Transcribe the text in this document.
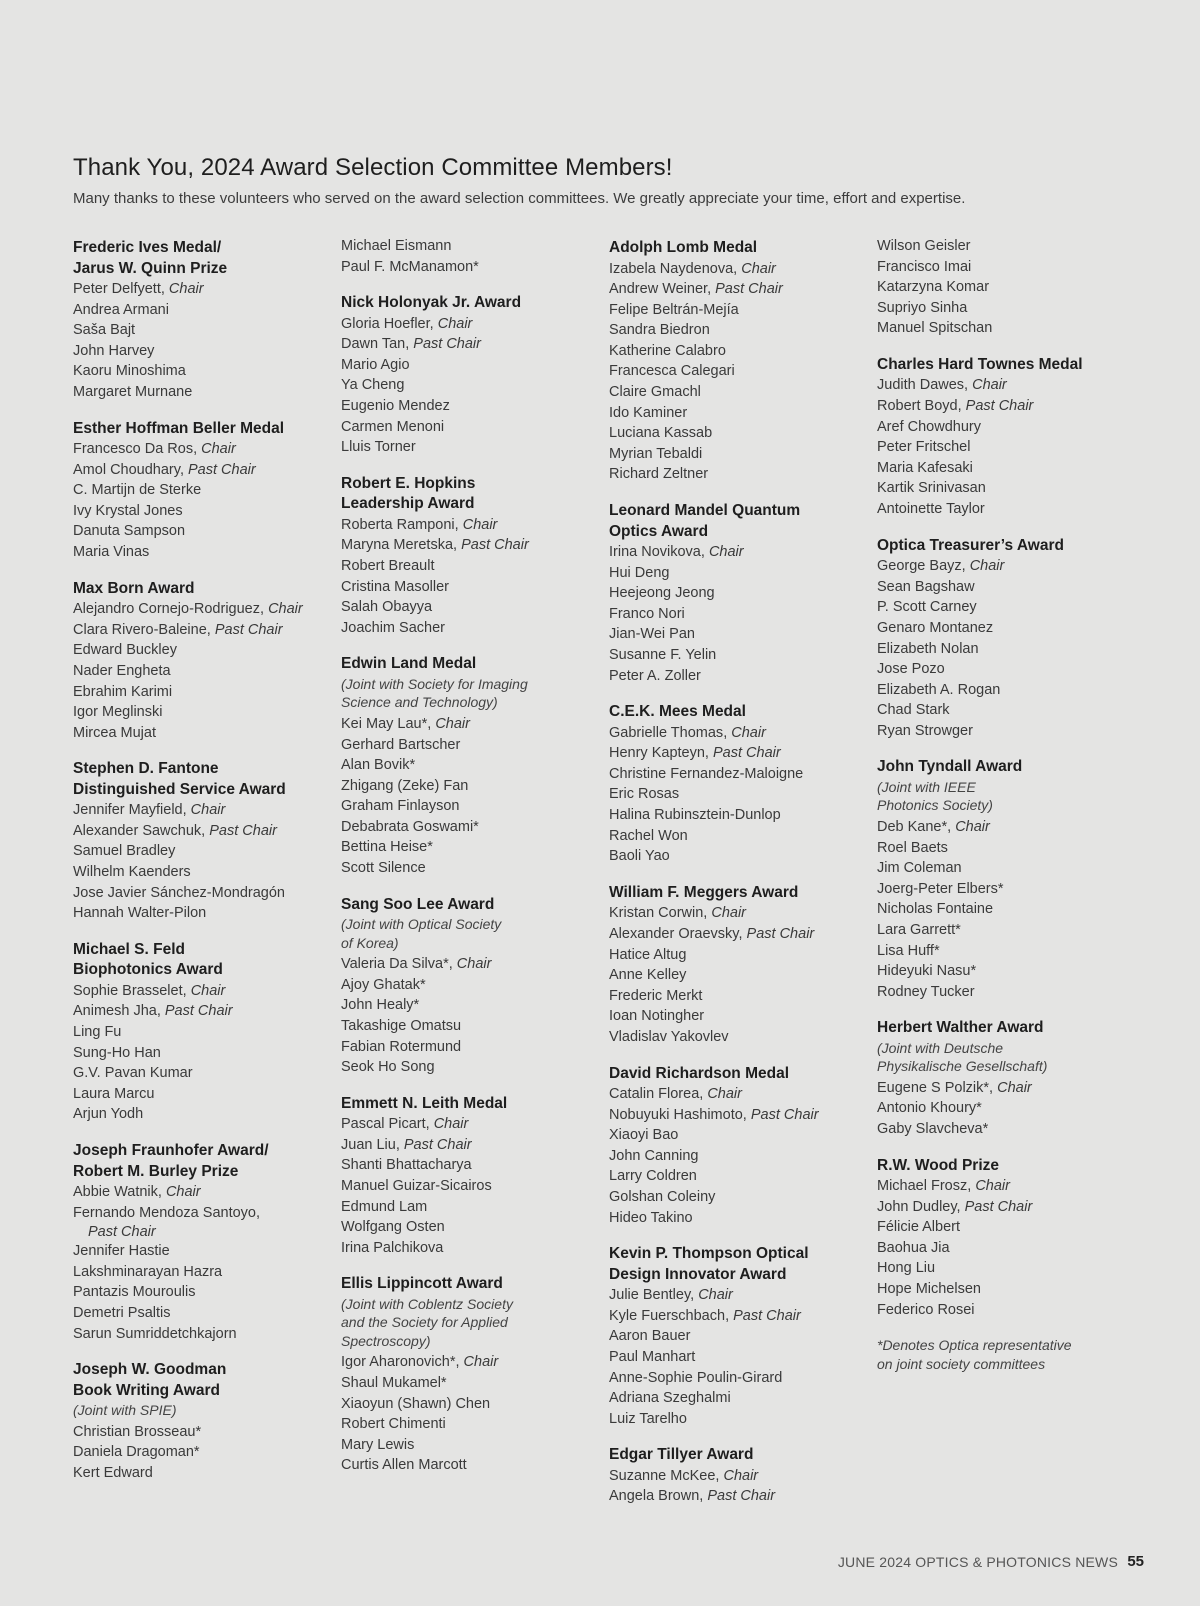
Thank You, 2024 Award Selection Committee Members!

Many thanks to these volunteers who served on the award selection committees. We greatly appreciate your time, effort and expertise.

Frederic Ives Medal/
Jarus W. Quinn Prize

Peter Delfyett, Chair

Andrea Armani

Saša Bajt

John Harvey

Kaoru Minoshima

Margaret Murnane

Esther Hoffman Beller Medal

Francesco Da Ros, Chair

Amol Choudhary, Past Chair

C. Martijn de Sterke

Ivy Krystal Jones

Danuta Sampson

Maria Vinas

Max Born Award

Alejandro Cornejo-Rodriguez, Chair

Clara Rivero-Baleine, Past Chair

Edward Buckley

Nader Engheta

Ebrahim Karimi

Igor Meglinski

Mircea Mujat

Stephen D. Fantone
Distinguished Service Award

Jennifer Mayfield, Chair

Alexander Sawchuk, Past Chair

Samuel Bradley

Wilhelm Kaenders

Jose Javier Sánchez-Mondragón

Hannah Walter-Pilon

Michael S. Feld
Biophotonics Award

Sophie Brasselet, Chair

Animesh Jha, Past Chair

Ling Fu

Sung-Ho Han

G.V. Pavan Kumar

Laura Marcu

Arjun Yodh

Joseph Fraunhofer Award/
Robert M. Burley Prize

Abbie Watnik, Chair

Fernando Mendoza Santoyo,
Past Chair

Jennifer Hastie

Lakshminarayan Hazra

Pantazis Mouroulis

Demetri Psaltis

Sarun Sumriddetchkajorn

Joseph W. Goodman
Book Writing Award

(Joint with SPIE)

Christian Brosseau*

Daniela Dragoman*

Kert Edward

Michael Eismann

Paul F. McManamon*

Nick Holonyak Jr. Award

Gloria Hoefler, Chair

Dawn Tan, Past Chair

Mario Agio

Ya Cheng

Eugenio Mendez

Carmen Menoni

Lluis Torner

Robert E. Hopkins
Leadership Award

Roberta Ramponi, Chair

Maryna Meretska, Past Chair

Robert Breault

Cristina Masoller

Salah Obayya

Joachim Sacher

Edwin Land Medal

(Joint with Society for Imaging
Science and Technology)

Kei May Lau*, Chair

Gerhard Bartscher

Alan Bovik*

Zhigang (Zeke) Fan

Graham Finlayson

Debabrata Goswami*

Bettina Heise*

Scott Silence

Sang Soo Lee Award

(Joint with Optical Society
of Korea)

Valeria Da Silva*, Chair

Ajoy Ghatak*

John Healy*

Takashige Omatsu

Fabian Rotermund

Seok Ho Song

Emmett N. Leith Medal

Pascal Picart, Chair

Juan Liu, Past Chair

Shanti Bhattacharya

Manuel Guizar-Sicairos

Edmund Lam

Wolfgang Osten

Irina Palchikova

Ellis Lippincott Award

(Joint with Coblentz Society
and the Society for Applied
Spectroscopy)

Igor Aharonovich*, Chair

Shaul Mukamel*

Xiaoyun (Shawn) Chen

Robert Chimenti

Mary Lewis

Curtis Allen Marcott

Adolph Lomb Medal

Izabela Naydenova, Chair

Andrew Weiner, Past Chair

Felipe Beltrán-Mejía

Sandra Biedron

Katherine Calabro

Francesca Calegari

Claire Gmachl

Ido Kaminer

Luciana Kassab

Myrian Tebaldi

Richard Zeltner

Leonard Mandel Quantum
Optics Award

Irina Novikova, Chair

Hui Deng

Heejeong Jeong

Franco Nori

Jian-Wei Pan

Susanne F. Yelin

Peter A. Zoller

C.E.K. Mees Medal

Gabrielle Thomas, Chair

Henry Kapteyn, Past Chair

Christine Fernandez-Maloigne

Eric Rosas

Halina Rubinsztein-Dunlop

Rachel Won

Baoli Yao

William F. Meggers Award

Kristan Corwin, Chair

Alexander Oraevsky, Past Chair

Hatice Altug

Anne Kelley

Frederic Merkt

Ioan Notingher

Vladislav Yakovlev

David Richardson Medal

Catalin Florea, Chair

Nobuyuki Hashimoto, Past Chair

Xiaoyi Bao

John Canning

Larry Coldren

Golshan Coleiny

Hideo Takino

Kevin P. Thompson Optical
Design Innovator Award

Julie Bentley, Chair

Kyle Fuerschbach, Past Chair

Aaron Bauer

Paul Manhart

Anne-Sophie Poulin-Girard

Adriana Szeghalmi

Luiz Tarelho

Edgar Tillyer Award

Suzanne McKee, Chair

Angela Brown, Past Chair

Wilson Geisler

Francisco Imai

Katarzyna Komar

Supriyo Sinha

Manuel Spitschan

Charles Hard Townes Medal

Judith Dawes, Chair

Robert Boyd, Past Chair

Aref Chowdhury

Peter Fritschel

Maria Kafesaki

Kartik Srinivasan

Antoinette Taylor

Optica Treasurer’s Award

George Bayz, Chair

Sean Bagshaw

P. Scott Carney

Genaro Montanez

Elizabeth Nolan

Jose Pozo

Elizabeth A. Rogan

Chad Stark

Ryan Strowger

John Tyndall Award

(Joint with IEEE
Photonics Society)

Deb Kane*, Chair

Roel Baets

Jim Coleman

Joerg-Peter Elbers*

Nicholas Fontaine

Lara Garrett*

Lisa Huff*

Hideyuki Nasu*

Rodney Tucker

Herbert Walther Award

(Joint with Deutsche
Physikalische Gesellschaft)

Eugene S Polzik*, Chair

Antonio Khoury*

Gaby Slavcheva*

R.W. Wood Prize

Michael Frosz, Chair

John Dudley, Past Chair

Félicie Albert

Baohua Jia

Hong Liu

Hope Michelsen

Federico Rosei

*Denotes Optica representative
on joint society committees

JUNE 2024 OPTICS & PHOTONICS NEWS 55
